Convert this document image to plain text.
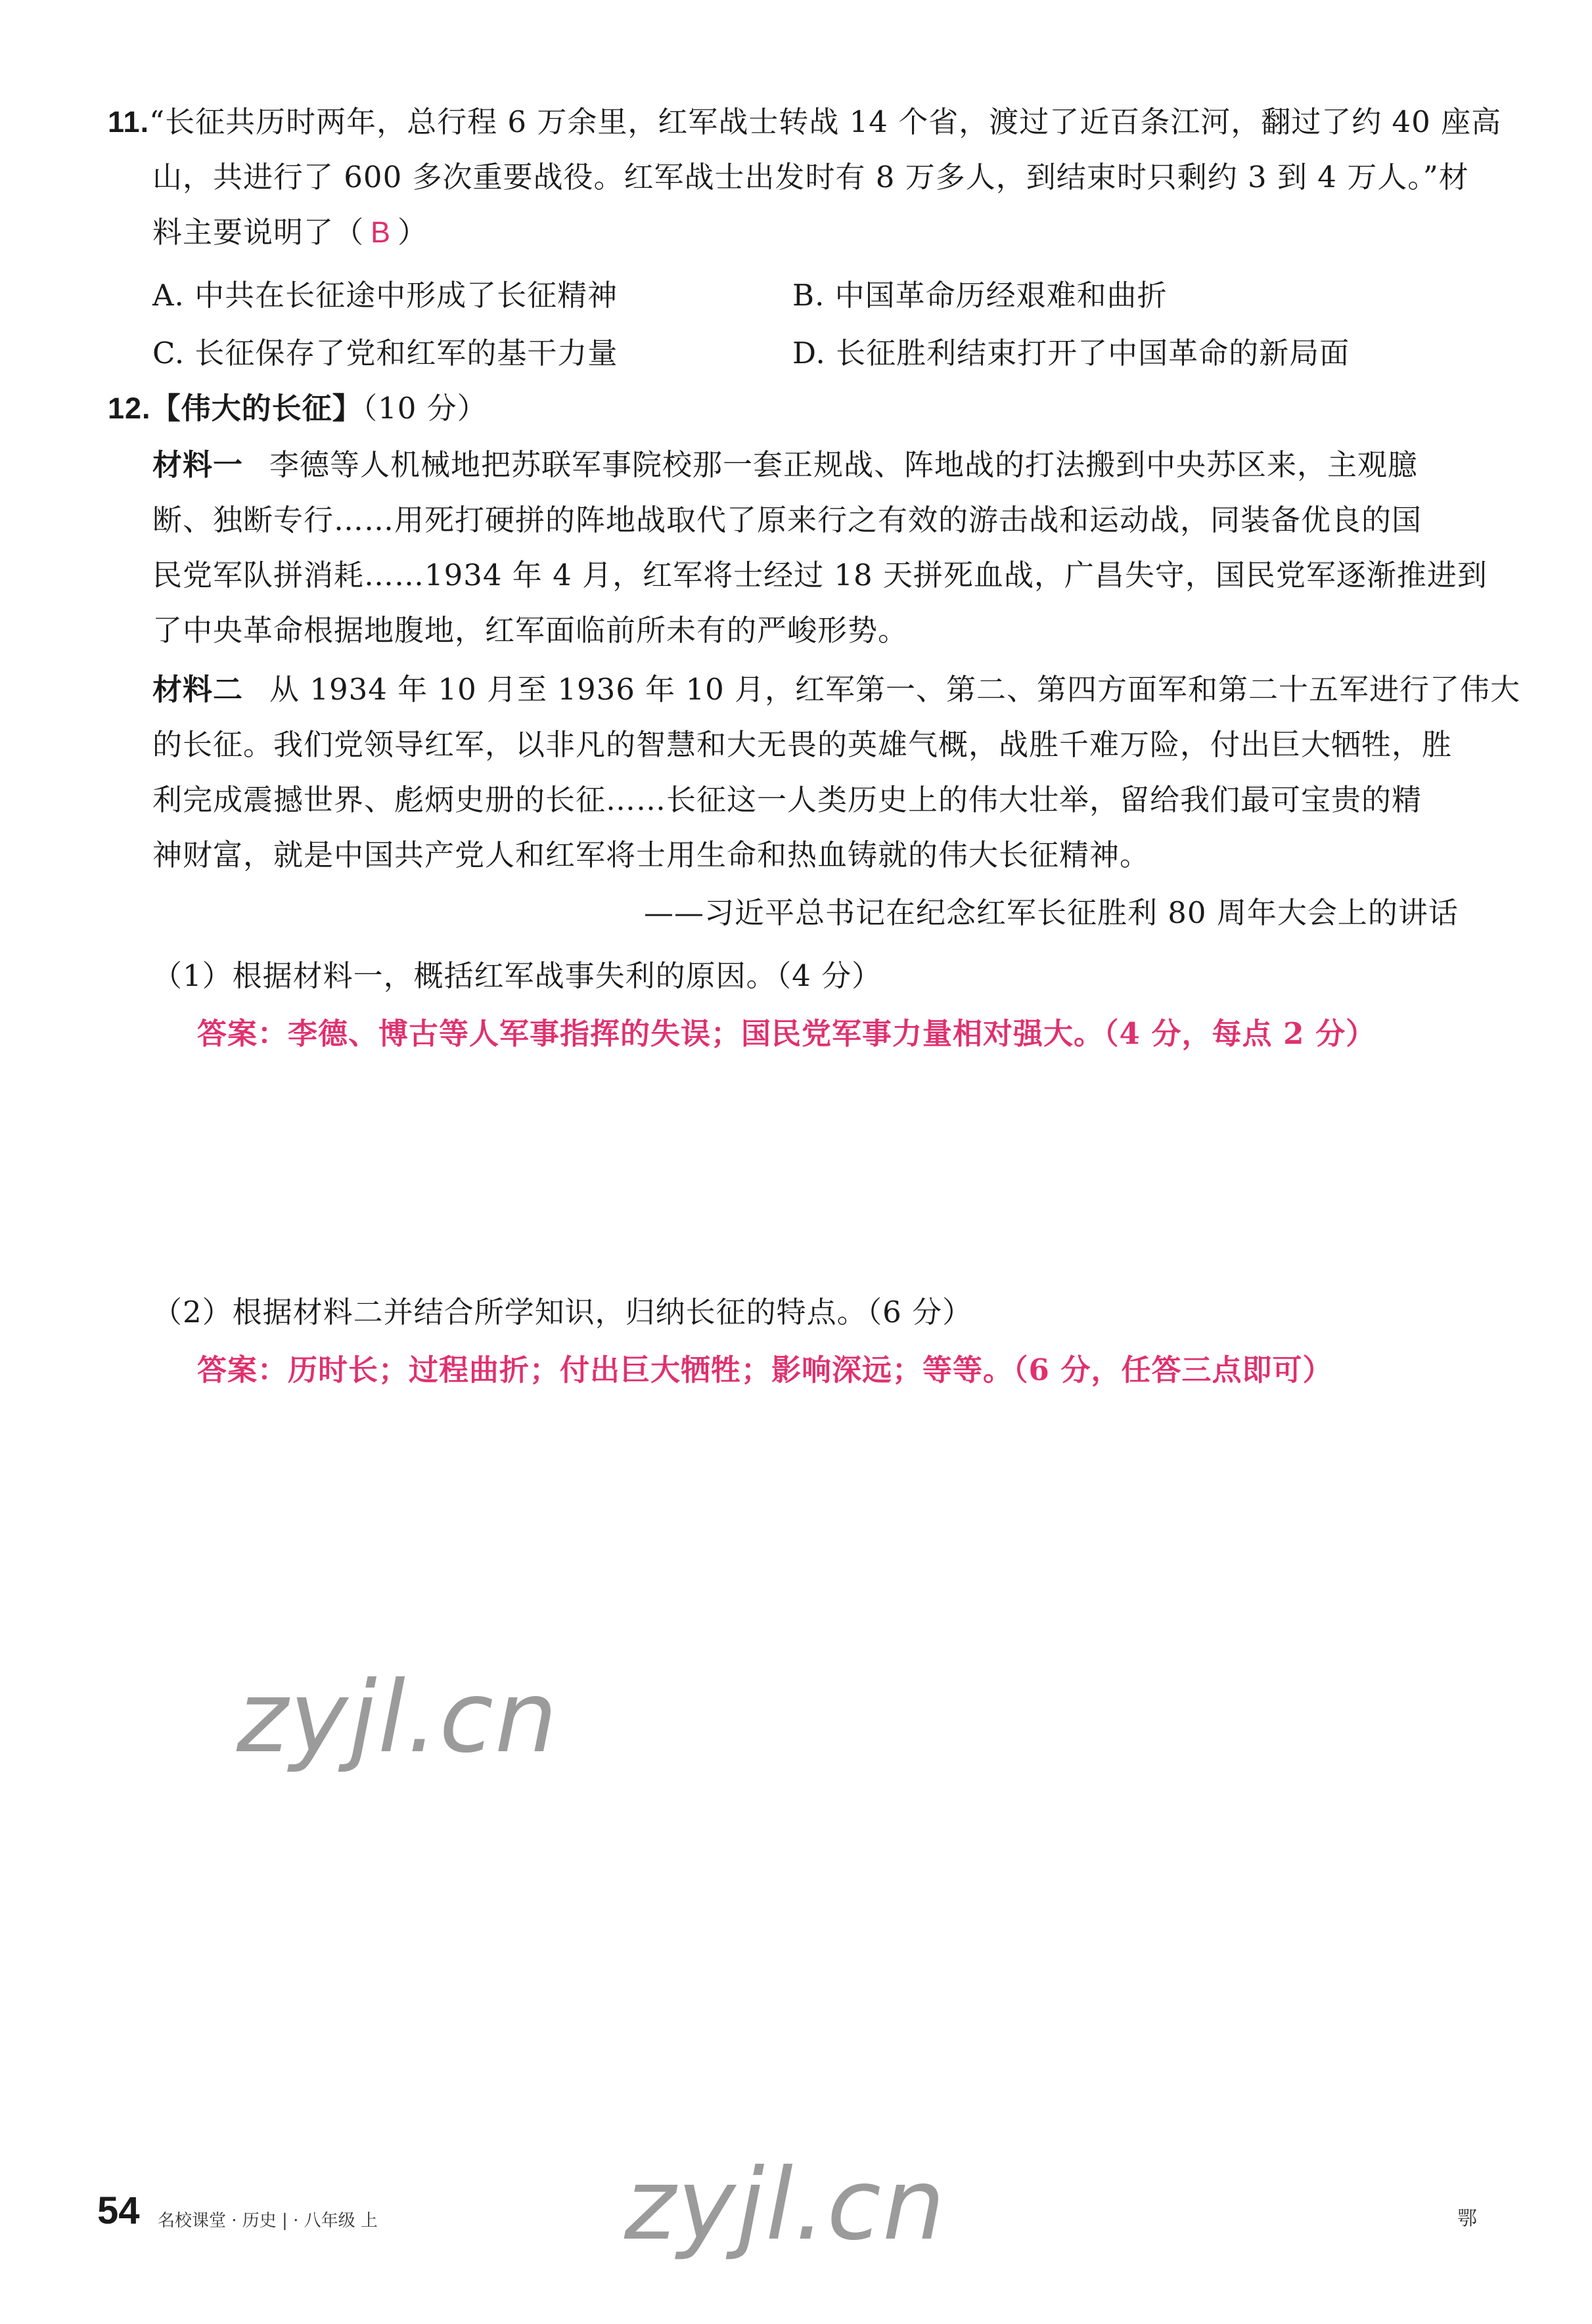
11.“长征共历时两年，总行程 6 万余里，红军战士转战 14 个省，渡过了近百条江河，翻过了约 40 座高
山，共进行了 600 多次重要战役。红军战士出发时有 8 万多人，到结束时只剩约 3 到 4 万人。”材
料主要说明了（ B ）
A. 中共在长征途中形成了长征精神	B. 中国革命历经艰难和曲折
C. 长征保存了党和红军的基干力量	D. 长征胜利结束打开了中国革命的新局面
12.【伟大的长征】（10 分）
材料一 李德等人机械地把苏联军事院校那一套正规战、阵地战的打法搬到中央苏区来，主观臆
断、独断专行……用死打硬拼的阵地战取代了原来行之有效的游击战和运动战，同装备优良的国
民党军队拼消耗……1934 年 4 月，红军将士经过 18 天拼死血战，广昌失守，国民党军逐渐推进到
了中央革命根据地腹地，红军面临前所未有的严峻形势。
材料二 从 1934 年 10 月至 1936 年 10 月，红军第一、第二、第四方面军和第二十五军进行了伟大
的长征。我们党领导红军，以非凡的智慧和大无畏的英雄气概，战胜千难万险，付出巨大牺牲，胜
利完成震撼世界、彪炳史册的长征……长征这一人类历史上的伟大壮举，留给我们最可宝贵的精
神财富，就是中国共产党人和红军将士用生命和热血铸就的伟大长征精神。
——习近平总书记在纪念红军长征胜利 80 周年大会上的讲话
（1）根据材料一，概括红军战事失利的原因。（4 分）
答案：李德、博古等人军事指挥的失误；国民党军事力量相对强大。（4 分，每点 2 分）
（2）根据材料二并结合所学知识，归纳长征的特点。（6 分）
答案：历时长；过程曲折；付出巨大牺牲；影响深远；等等。（6 分，任答三点即可）
zyjl.cn
zyjl.cn
54 名校课堂 · 历史 | · 八年级 上	鄂
